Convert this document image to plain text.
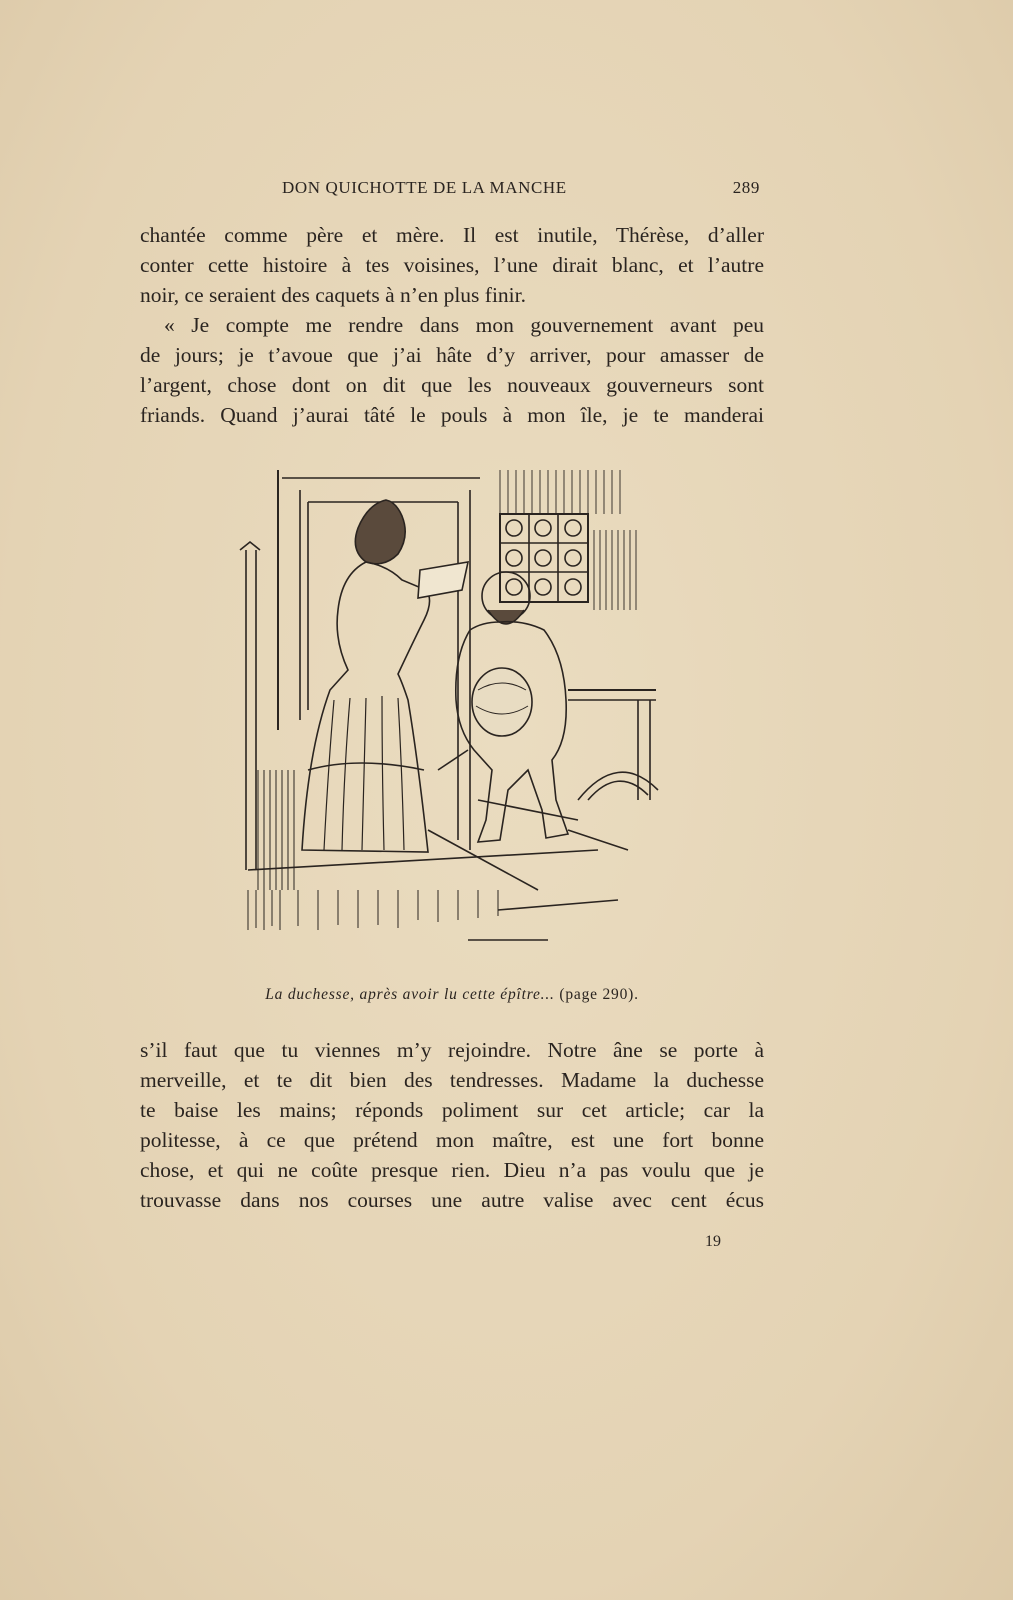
DON QUICHOTTE DE LA MANCHE	289
chantée comme père et mère. Il est inutile, Thérèse, d’aller
conter cette histoire à tes voisines, l’une dirait blanc, et l’autre
noir, ce seraient des caquets à n’en plus finir.
« Je compte me rendre dans mon gouvernement avant peu
de jours; je t’avoue que j’ai hâte d’y arriver, pour amasser de
l’argent, chose dont on dit que les nouveaux gouverneurs sont
friands. Quand j’aurai tâté le pouls à mon île, je te manderai
La duchesse, après avoir lu cette épître... (page 290).
s’il faut que tu viennes m’y rejoindre. Notre âne se porte à
merveille, et te dit bien des tendresses. Madame la duchesse
te baise les mains; réponds poliment sur cet article; car la
politesse, à ce que prétend mon maître, est une fort bonne
chose, et qui ne coûte presque rien. Dieu n’a pas voulu que je
trouvasse dans nos courses une autre valise avec cent écus
19
